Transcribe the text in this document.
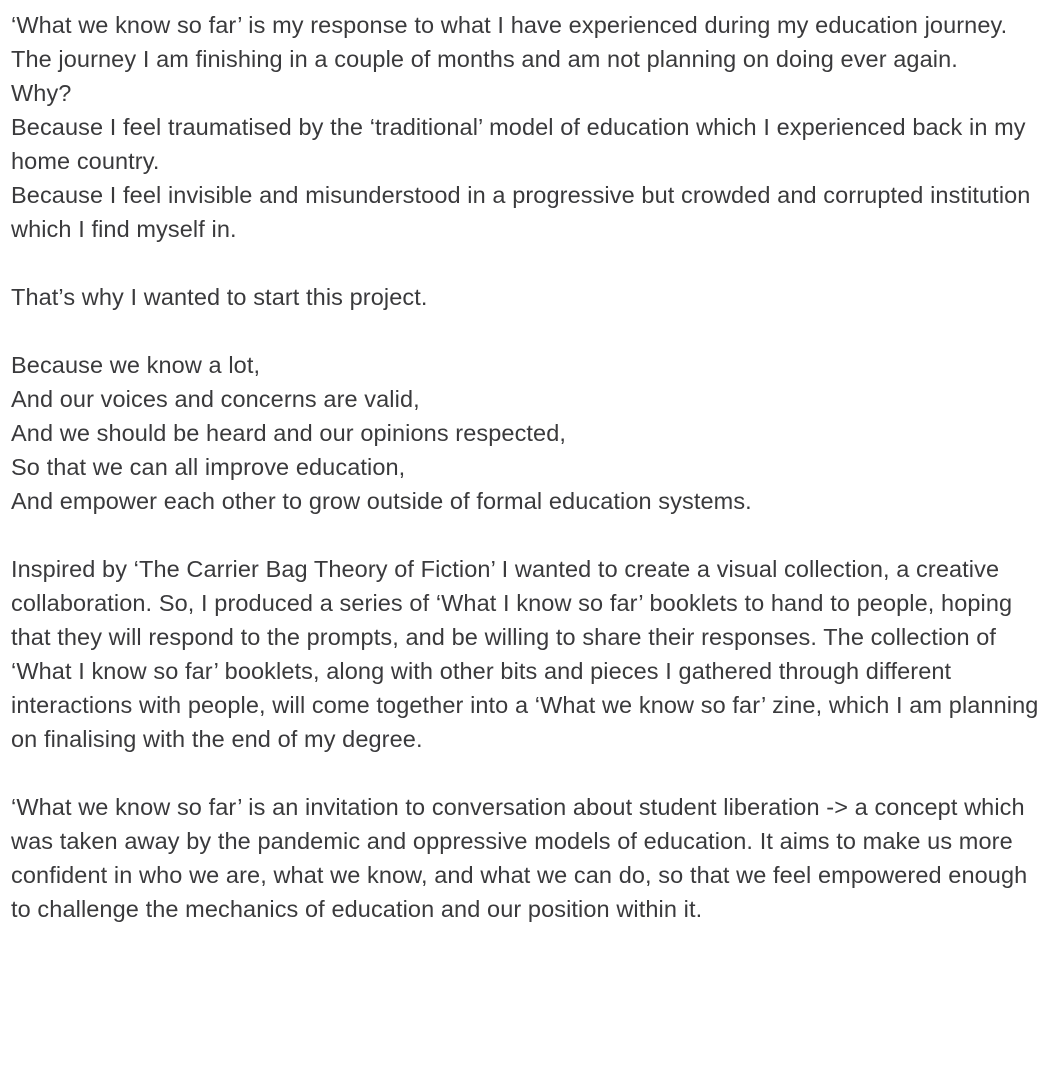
‘What we know so far’ is my response to what I have experienced during my education journey.
The journey I am finishing in a couple of months and am not planning on doing ever again.
Why?
Because I feel traumatised by the ‘traditional’ model of education which I experienced back in my home country.
Because I feel invisible and misunderstood in a progressive but crowded and corrupted institution which I find myself in.

That’s why I wanted to start this project.

Because we know a lot,
And our voices and concerns are valid,
And we should be heard and our opinions respected,
So that we can all improve education,
And empower each other to grow outside of formal education systems.

Inspired by ‘The Carrier Bag Theory of Fiction’ I wanted to create a visual collection, a creative collaboration. So, I produced a series of ‘What I know so far’ booklets to hand to people, hoping that they will respond to the prompts, and be willing to share their responses. The collection of ‘What I know so far’ booklets, along with other bits and pieces I gathered through different interactions with people, will come together into a ‘What we know so far’ zine, which I am planning on finalising with the end of my degree.

‘What we know so far’ is an invitation to conversation about student liberation -> a concept which was taken away by the pandemic and oppressive models of education. It aims to make us more confident in who we are, what we know, and what we can do, so that we feel empowered enough to challenge the mechanics of education and our position within it.
